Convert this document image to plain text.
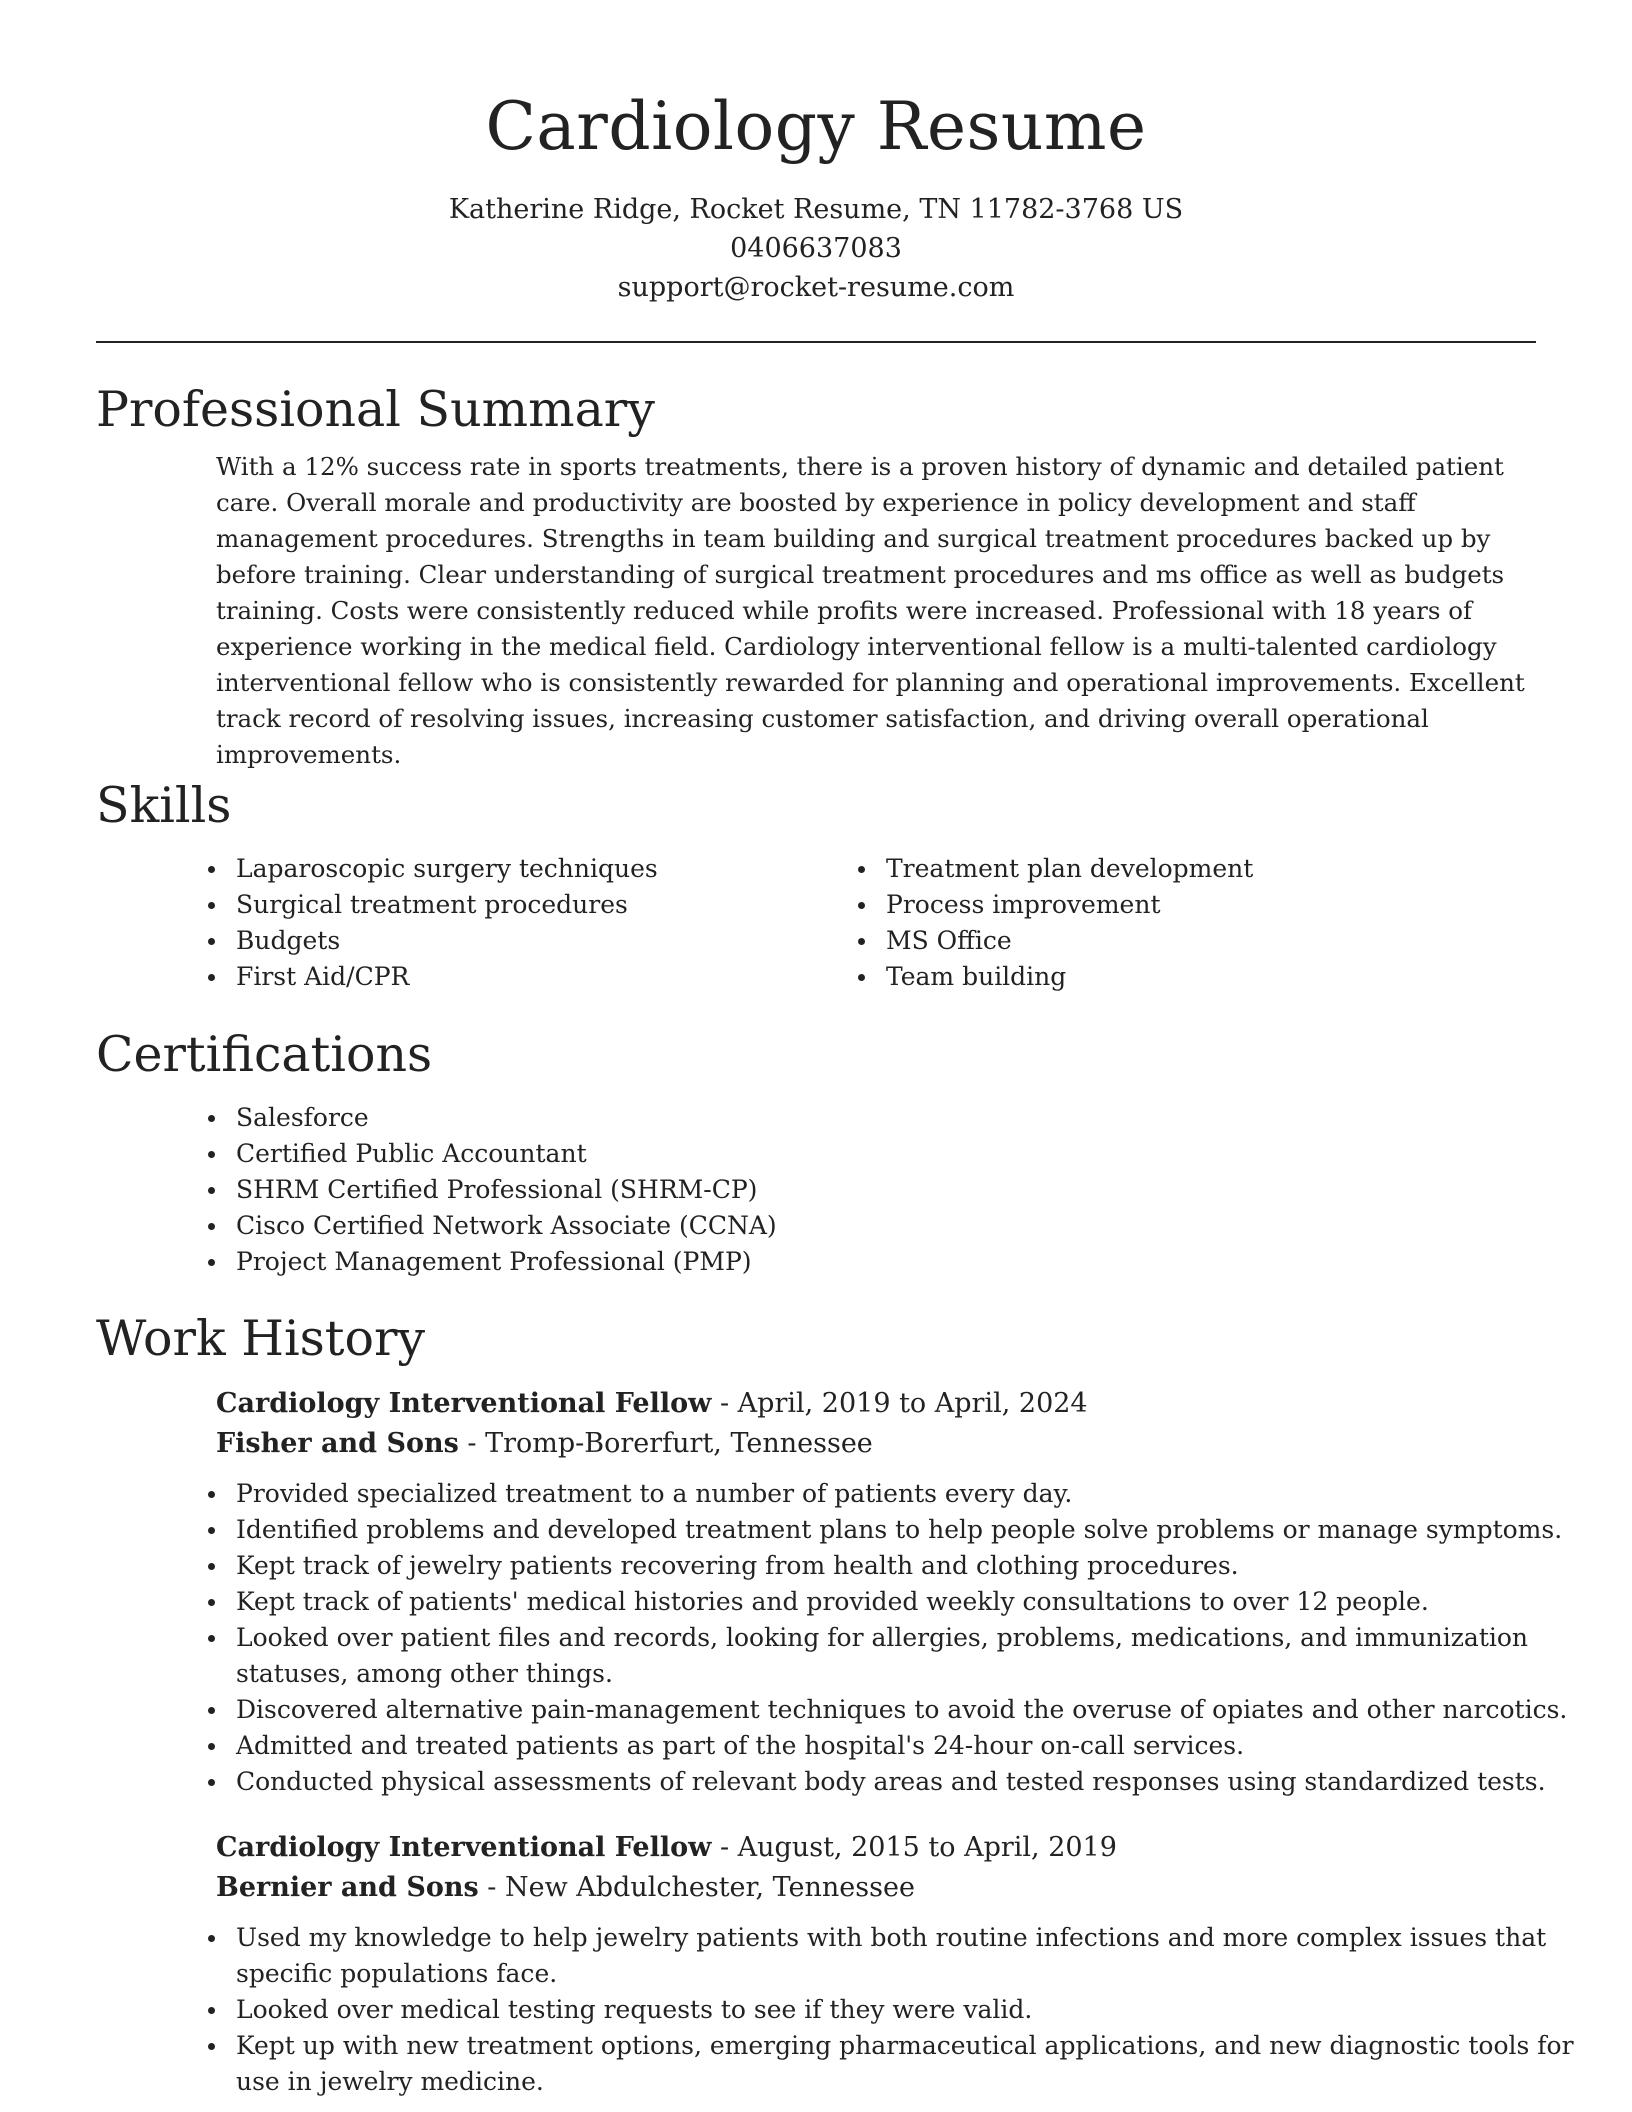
Cardiology Resume
Katherine Ridge, Rocket Resume, TN 11782-3768 US
0406637083
support@rocket-resume.com
Professional Summary

With a 12% success rate in sports treatments, there is a proven history of dynamic and detailed patient care. Overall morale and productivity are boosted by experience in policy development and staff management procedures. Strengths in team building and surgical treatment procedures backed up by before training. Clear understanding of surgical treatment procedures and ms office as well as budgets training. Costs were consistently reduced while profits were increased. Professional with 18 years of experience working in the medical field. Cardiology interventional fellow is a multi-talented cardiology interventional fellow who is consistently rewarded for planning and operational improvements. Excellent track record of resolving issues, increasing customer satisfaction, and driving overall operational improvements.

Skills
Laparoscopic surgery techniques
Surgical treatment procedures
Budgets
First Aid/CPR
Treatment plan development
Process improvement
MS Office
Team building
Certifications
Salesforce
Certified Public Accountant
SHRM Certified Professional (SHRM-CP)
Cisco Certified Network Associate (CCNA)
Project Management Professional (PMP)
Work History
Cardiology Interventional Fellow - April, 2019 to April, 2024
Fisher and Sons - Tromp-Borerfurt, Tennessee
Provided specialized treatment to a number of patients every day.
Identified problems and developed treatment plans to help people solve problems or manage symptoms.
Kept track of jewelry patients recovering from health and clothing procedures.
Kept track of patients' medical histories and provided weekly consultations to over 12 people.
Looked over patient files and records, looking for allergies, problems, medications, and immunization statuses, among other things.
Discovered alternative pain-management techniques to avoid the overuse of opiates and other narcotics.
Admitted and treated patients as part of the hospital's 24-hour on-call services.
Conducted physical assessments of relevant body areas and tested responses using standardized tests.
Cardiology Interventional Fellow - August, 2015 to April, 2019
Bernier and Sons - New Abdulchester, Tennessee
Used my knowledge to help jewelry patients with both routine infections and more complex issues that specific populations face.
Looked over medical testing requests to see if they were valid.
Kept up with new treatment options, emerging pharmaceutical applications, and new diagnostic tools for use in jewelry medicine.
